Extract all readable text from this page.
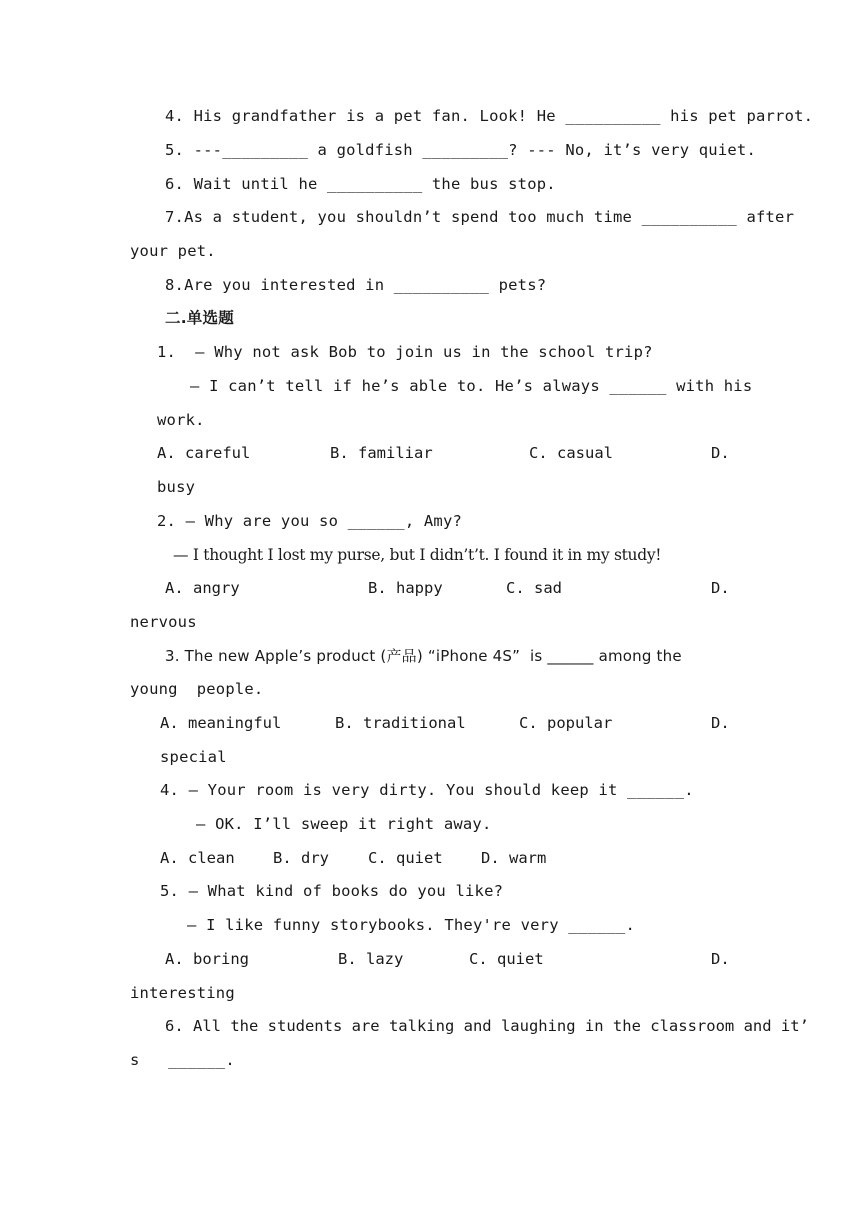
4. His grandfather is a pet fan. Look! He __________ his pet parrot.
5. ---_________ a goldfish _________? --- No, it’s very quiet.
6. Wait until he __________ the bus stop.
7.As a student, you shouldn’t spend too much time __________ after
your pet.
8.Are you interested in __________ pets?
二.单选题
1.  — Why not ask Bob to join us in the school trip?
— I can’t tell if he’s able to. He’s always ______ with his
work.
A. careful	B. familiar	C. casual	D.
busy
2. — Why are you so ______, Amy?
— I thought I lost my purse, but I didn’t’t. I found it in my study!
A. angry	B. happy	C. sad	D.
nervous
3. The new Apple’s product (产品) “iPhone 4S”  is ______ among the
young  people.
A. meaningful	B. traditional	C. popular	D.
special
4. — Your room is very dirty. You should keep it ______.
— OK. I’ll sweep it right away.
A. clean B. dry	C. quiet D. warm
5. — What kind of books do you like?
— I like funny storybooks. They're very ______.
A. boring	B. lazy	C. quiet	D.
interesting
6. All the students are talking and laughing in the classroom and it’
s   ______.
